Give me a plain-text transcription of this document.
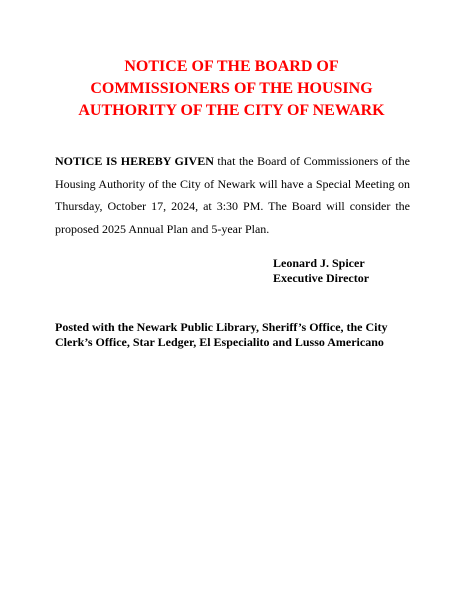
NOTICE OF THE BOARD OF
COMMISSIONERS OF THE HOUSING
AUTHORITY OF THE CITY OF NEWARK

NOTICE IS HEREBY GIVEN that the Board of Commissioners of the Housing Authority of the City of Newark will have a Special Meeting on Thursday, October 17, 2024, at 3:30 PM. The Board will consider the proposed 2025 Annual Plan and 5-year Plan.

Leonard J. Spicer
Executive Director

Posted with the Newark Public Library, Sheriff’s Office, the City
Clerk’s Office, Star Ledger, El Especialito and Lusso Americano
